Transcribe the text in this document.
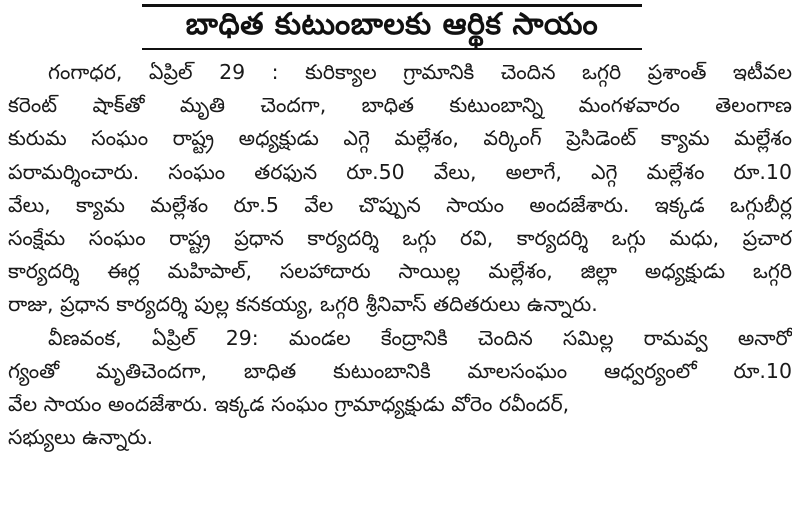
బాధిత కుటుంబాలకు ఆర్థిక సాయం
గంగాధర, ఏప్రిల్ 29 : కురిక్యాల గ్రామానికి చెందిన ఒగ్గరి ప్రశాంత్ ఇటీవల
కరెంట్ షాక్‌తో మృతి చెందగా, బాధిత కుటుంబాన్ని మంగళవారం తెలంగాణ
కురుమ సంఘం రాష్ట్ర అధ్యక్షుడు ఎగ్గె మల్లేశం, వర్కింగ్ ప్రెసిడెంట్ క్యామ మల్లేశం
పరామర్శించారు. సంఘం తరఫున రూ.50 వేలు, అలాగే, ఎగ్గె మల్లేశం రూ.10
వేలు, క్యామ మల్లేశం రూ.5 వేల చొప్పున సాయం అందజేశారు. ఇక్కడ ఒగ్గుబీర్ల
సంక్షేమ సంఘం రాష్ట్ర ప్రధాన కార్యదర్శి ఒగ్గు రవి, కార్యదర్శి ఒగ్గు మధు, ప్రచార
కార్యదర్శి ఈర్ల మహిపాల్, సలహాదారు సాయిల్ల మల్లేశం, జిల్లా అధ్యక్షుడు ఒగ్గరి
రాజు, ప్రధాన కార్యదర్శి పుల్ల కనకయ్య, ఒగ్గరి శ్రీనివాస్ తదితరులు ఉన్నారు.
వీణవంక, ఏప్రిల్ 29: మండల కేంద్రానికి చెందిన సమిల్ల రామవ్వ అనారో
గ్యంతో మృతిచెందగా, బాధిత కుటుంబానికి మాలసంఘం ఆధ్వర్యంలో రూ.10
వేల సాయం అందజేశారు. ఇక్కడ సంఘం గ్రామాధ్యక్షుడు వోరెం రవీందర్,
సభ్యులు ఉన్నారు.
